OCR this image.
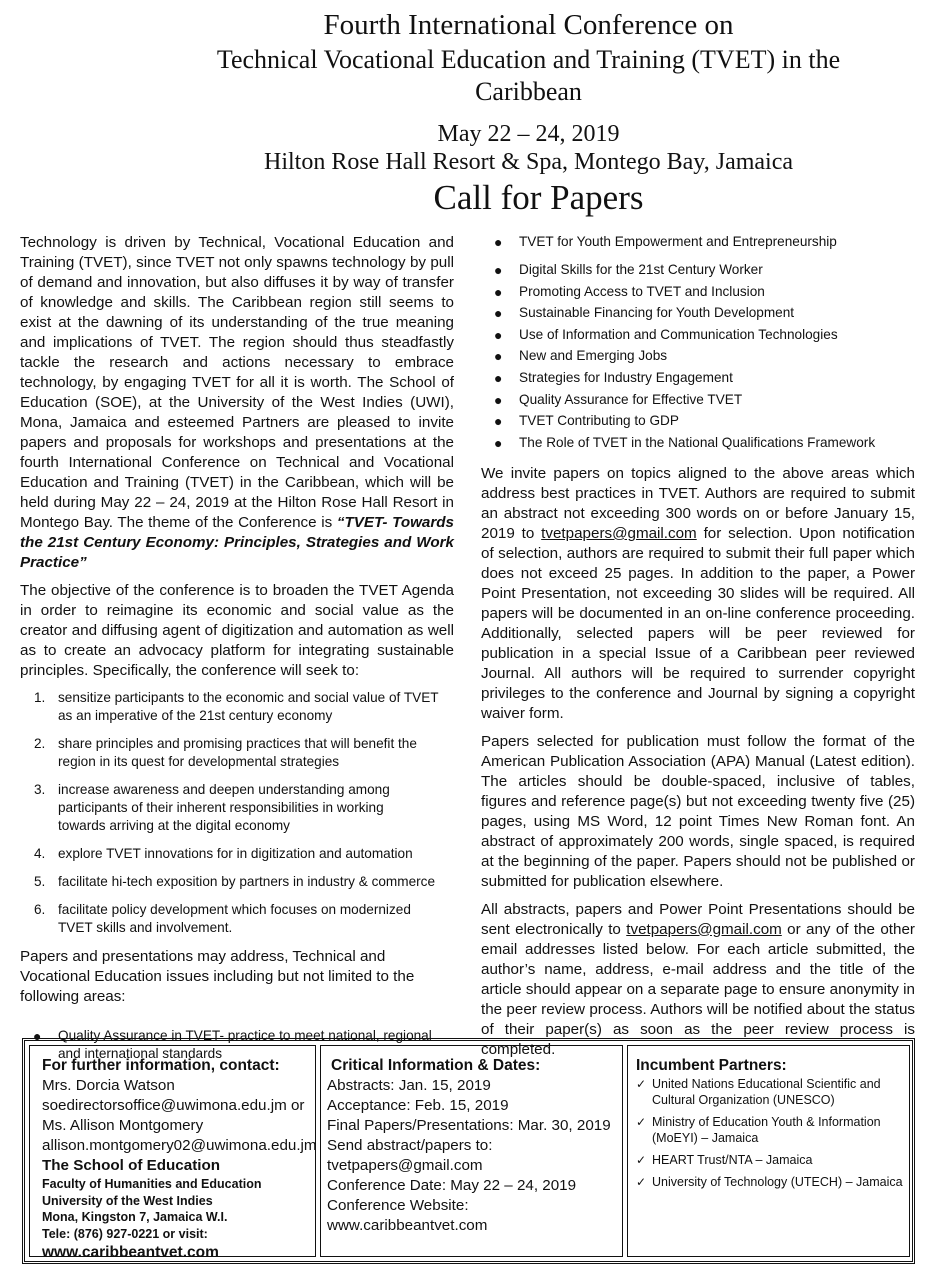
Fourth International Conference on
Technical Vocational Education and Training (TVET) in the
Caribbean
May 22 – 24, 2019
Hilton Rose Hall Resort & Spa, Montego Bay, Jamaica
Call for Papers

Technology is driven by Technical, Vocational Education and Training (TVET), since TVET not only spawns technology by pull of demand and innovation, but also diffuses it by way of transfer of knowledge and skills. The Caribbean region still seems to exist at the dawning of its understanding of the true meaning and implications of TVET. The region should thus steadfastly tackle the research and actions necessary to embrace technology, by engaging TVET for all it is worth. The School of Education (SOE), at the University of the West Indies (UWI), Mona, Jamaica and esteemed Partners are pleased to invite papers and proposals for workshops and presentations at the fourth International Conference on Technical and Vocational Education and Training (TVET) in the Caribbean, which will be held during May 22 – 24, 2019 at the Hilton Rose Hall Resort in Montego Bay. The theme of the Conference is “TVET- Towards the 21st Century Economy: Principles, Strategies and Work Practice”

The objective of the conference is to broaden the TVET Agenda in order to reimagine its economic and social value as the creator and diffusing agent of digitization and automation as well as to create an advocacy platform for integrating sustainable principles. Specifically, the conference will seek to:

1. sensitize participants to the economic and social value of TVET as an imperative of the 21st century economy
2. share principles and promising practices that will benefit the region in its quest for developmental strategies
3. increase awareness and deepen understanding among participants of their inherent responsibilities in working towards arriving at the digital economy
4. explore TVET innovations for in digitization and automation
5. facilitate hi-tech exposition by partners in industry & commerce
6. facilitate policy development which focuses on modernized TVET skills and involvement.

Papers and presentations may address, Technical and Vocational Education issues including but not limited to the following areas:

● Quality Assurance in TVET- practice to meet national, regional and international standards
● TVET for Youth Empowerment and Entrepreneurship
● Digital Skills for the 21st Century Worker
● Promoting Access to TVET and Inclusion
● Sustainable Financing for Youth Development
● Use of Information and Communication Technologies
● New and Emerging Jobs
● Strategies for Industry Engagement
● Quality Assurance for Effective TVET
● TVET Contributing to GDP
● The Role of TVET in the National Qualifications Framework

We invite papers on topics aligned to the above areas which address best practices in TVET. Authors are required to submit an abstract not exceeding 300 words on or before January 15, 2019 to tvetpapers@gmail.com for selection. Upon notification of selection, authors are required to submit their full paper which does not exceed 25 pages. In addition to the paper, a Power Point Presentation, not exceeding 30 slides will be required. All papers will be documented in an on-line conference proceeding. Additionally, selected papers will be peer reviewed for publication in a special Issue of a Caribbean peer reviewed Journal. All authors will be required to surrender copyright privileges to the conference and Journal by signing a copyright waiver form.

Papers selected for publication must follow the format of the American Publication Association (APA) Manual (Latest edition). The articles should be double-spaced, inclusive of tables, figures and reference page(s) but not exceeding twenty five (25) pages, using MS Word, 12 point Times New Roman font. An abstract of approximately 200 words, single spaced, is required at the beginning of the paper. Papers should not be published or submitted for publication elsewhere.

All abstracts, papers and Power Point Presentations should be sent electronically to tvetpapers@gmail.com or any of the other email addresses listed below. For each article submitted, the author’s name, address, e-mail address and the title of the article should appear on a separate page to ensure anonymity in the peer review process. Authors will be notified about the status of their paper(s) as soon as the peer review process is completed.

For further information, contact:
Mrs. Dorcia Watson
soedirectorsoffice@uwimona.edu.jm or
Ms. Allison Montgomery
allison.montgomery02@uwimona.edu.jm
The School of Education
Faculty of Humanities and Education
University of the West Indies
Mona, Kingston 7, Jamaica W.I.
Tele: (876) 927-0221 or visit:
www.caribbeantvet.com
Critical Information & Dates:
Abstracts: Jan. 15, 2019
Acceptance: Feb. 15, 2019
Final Papers/Presentations: Mar. 30, 2019
Send abstract/papers to:
tvetpapers@gmail.com
Conference Date: May 22 – 24, 2019
Conference Website:
www.caribbeantvet.com
Incumbent Partners:
✓ United Nations Educational Scientific and Cultural Organization (UNESCO)
✓ Ministry of Education Youth & Information (MoEYI) – Jamaica
✓ HEART Trust/NTA – Jamaica
✓ University of Technology (UTECH) – Jamaica
